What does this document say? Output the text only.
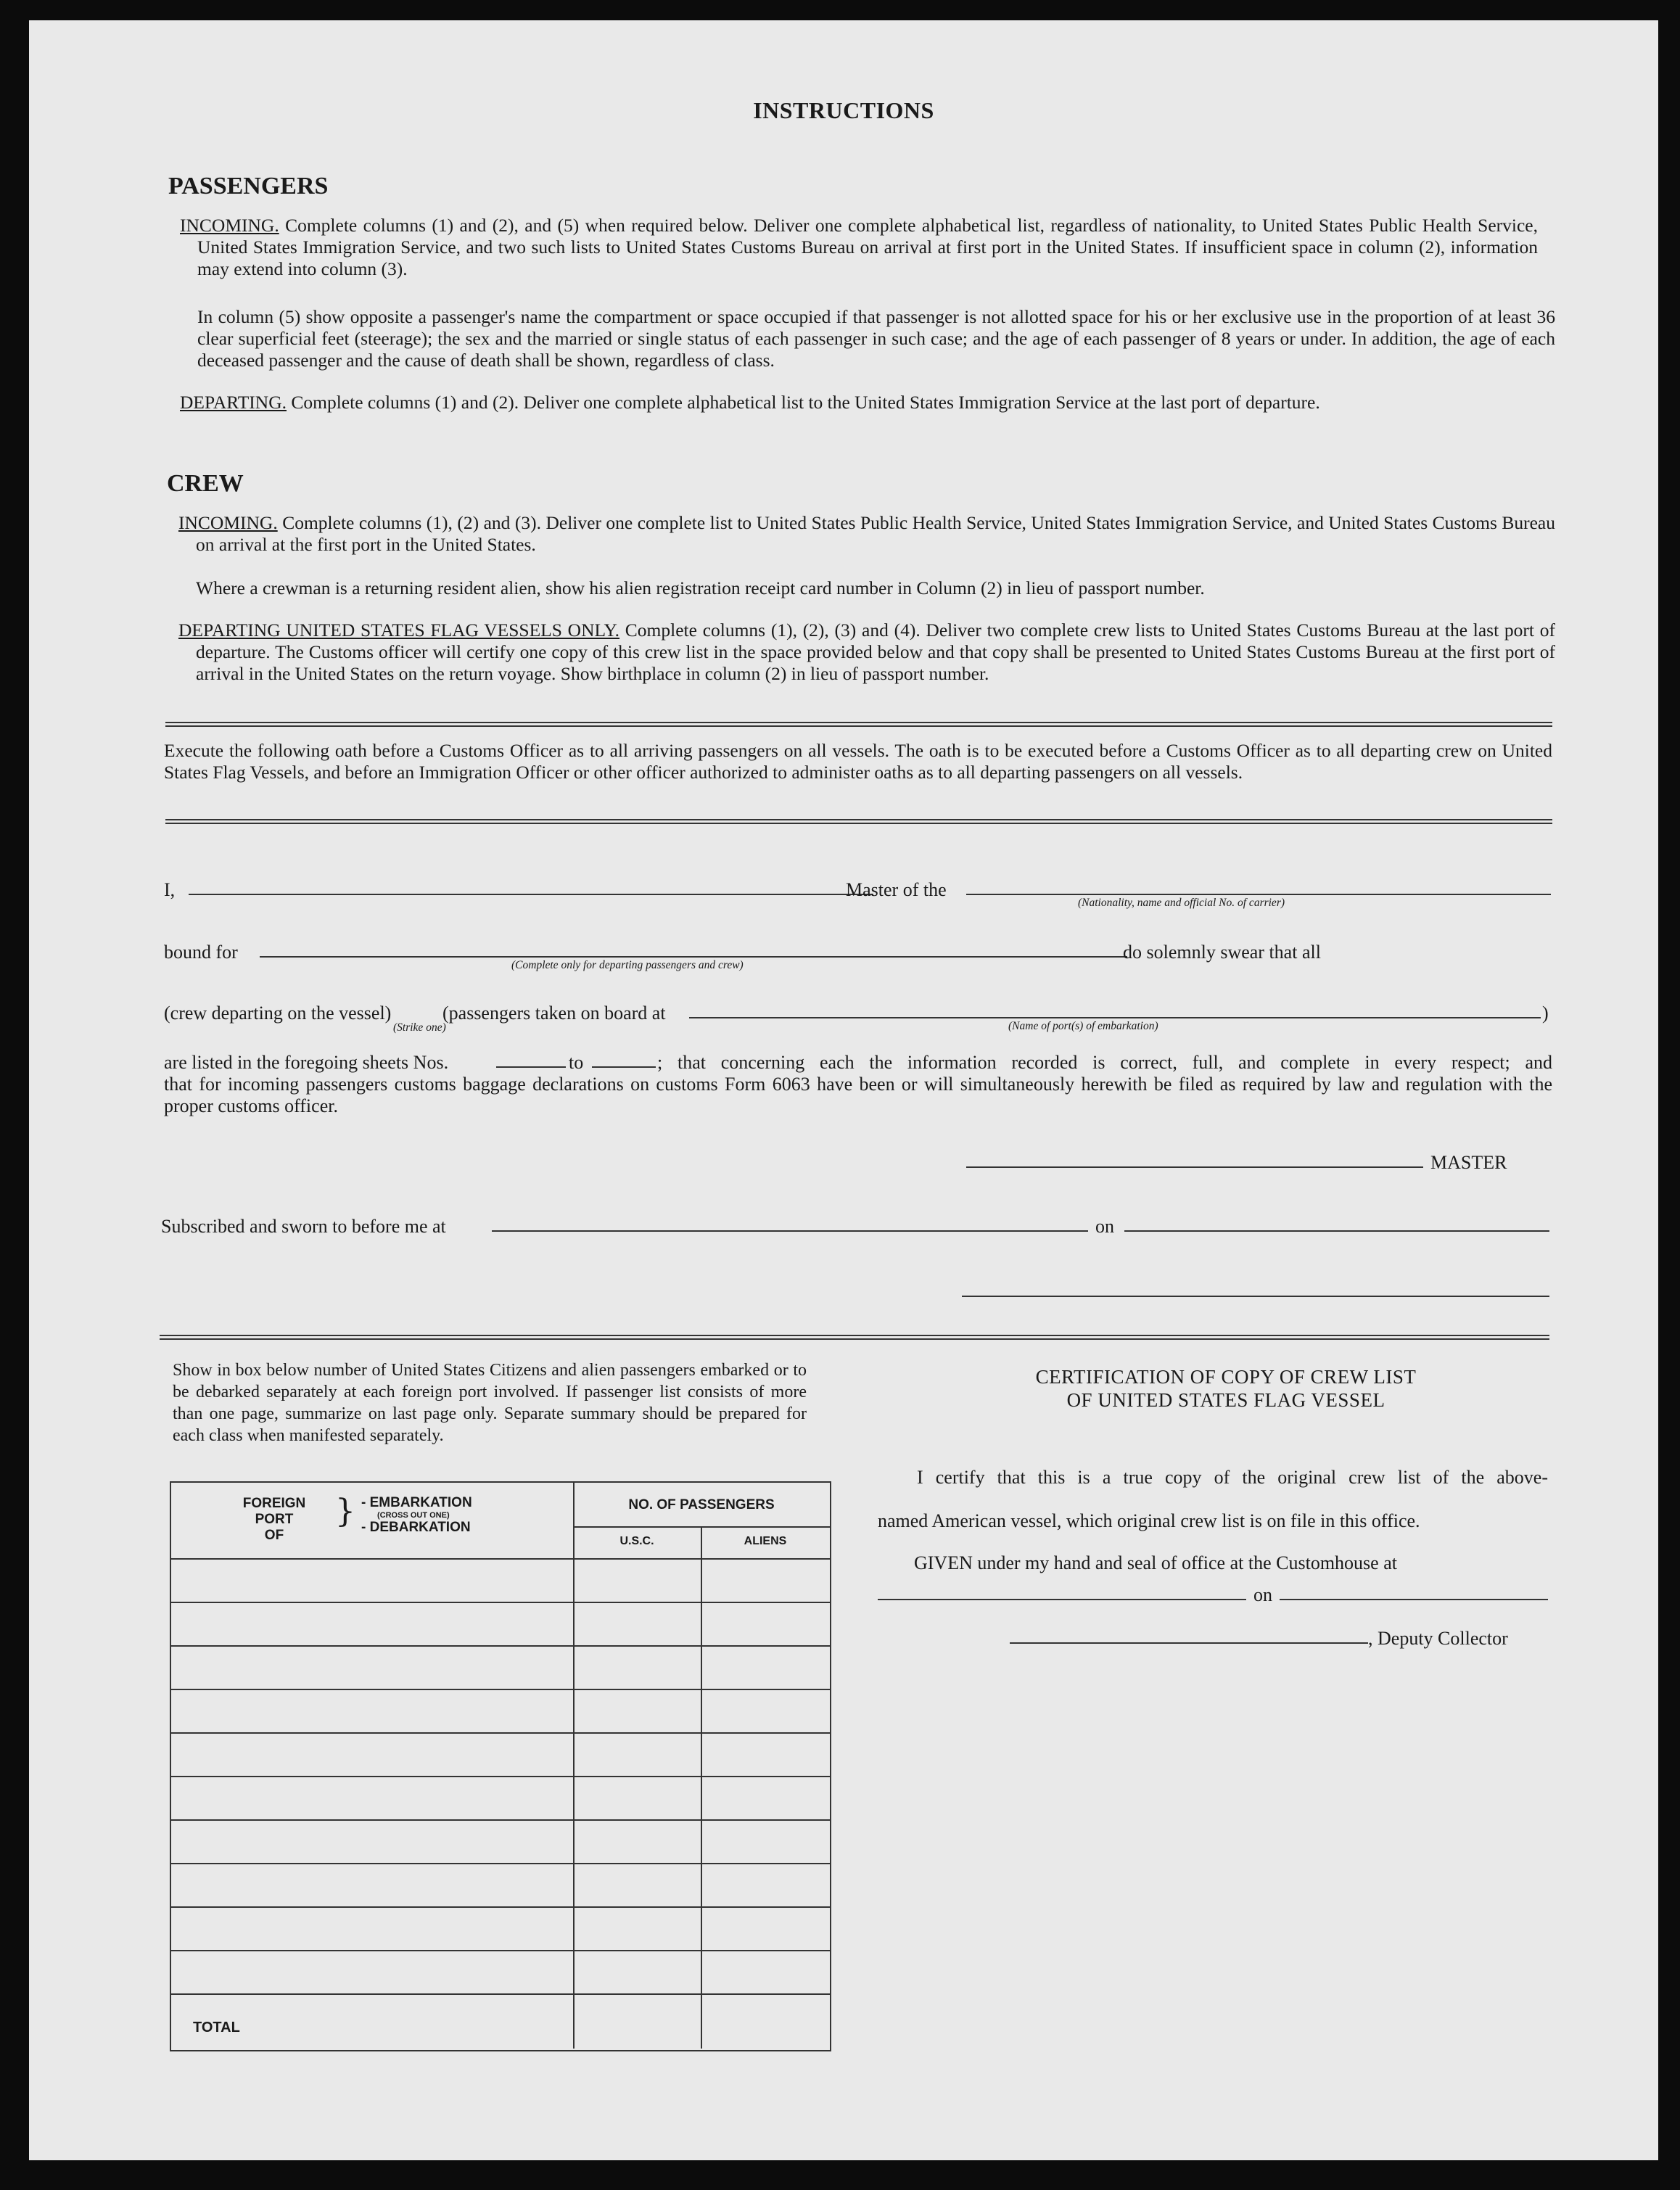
INSTRUCTIONS
PASSENGERS
INCOMING. Complete columns (1) and (2), and (5) when required below. Deliver one complete alphabetical list, regardless of nationality, to United States Public Health Service, United States Immigration Service, and two such lists to United States Customs Bureau on arrival at first port in the United States. If insufficient space in column (2), information may extend into column (3).
In column (5) show opposite a passenger's name the compartment or space occupied if that passenger is not allotted space for his or her exclusive use in the proportion of at least 36 clear superficial feet (steerage); the sex and the married or single status of each passenger in such case; and the age of each passenger of 8 years or under. In addition, the age of each deceased passenger and the cause of death shall be shown, regardless of class.
DEPARTING. Complete columns (1) and (2). Deliver one complete alphabetical list to the United States Immigration Service at the last port of departure.
CREW
INCOMING. Complete columns (1), (2) and (3). Deliver one complete list to United States Public Health Service, United States Immigration Service, and United States Customs Bureau on arrival at the first port in the United States.
Where a crewman is a returning resident alien, show his alien registration receipt card number in Column (2) in lieu of passport number.
DEPARTING UNITED STATES FLAG VESSELS ONLY. Complete columns (1), (2), (3) and (4). Deliver two complete crew lists to United States Customs Bureau at the last port of departure. The Customs officer will certify one copy of this crew list in the space provided below and that copy shall be presented to United States Customs Bureau at the first port of arrival in the United States on the return voyage. Show birthplace in column (2) in lieu of passport number.
Execute the following oath before a Customs Officer as to all arriving passengers on all vessels. The oath is to be executed before a Customs Officer as to all departing crew on United States Flag Vessels, and before an Immigration Officer or other officer authorized to administer oaths as to all departing passengers on all vessels.
I,	Master of the
(Nationality, name and official No. of carrier)
bound for
(Complete only for departing passengers and crew)
do solemnly swear that all
(crew departing on the vessel)
(Strike one)
(passengers taken on board at	)
(Name of port(s) of embarkation)
are listed in the foregoing sheets Nos.	to	; that concerning each the information recorded is correct, full, and complete in every respect; and
that for incoming passengers customs baggage declarations on customs Form 6063 have been or will simultaneously herewith be filed as required by law and regulation with the proper customs officer.
MASTER
Subscribed and sworn to before me at	on
Show in box below number of United States Citizens and alien passengers embarked or to be debarked separately at each foreign port involved. If passenger list consists of more than one page, summarize on last page only. Separate summary should be prepared for each class when manifested separately.
FOREIGN
PORT
OF
} - EMBARKATION
(CROSS OUT ONE)
- DEBARKATION
NO. OF PASSENGERS
U.S.C.	ALIENS
TOTAL
CERTIFICATION OF COPY OF CREW LIST
OF UNITED STATES FLAG VESSEL
I certify that this is a true copy of the original crew list of the above-
named American vessel, which original crew list is on file in this office.
GIVEN under my hand and seal of office at the Customhouse at
on
, Deputy Collector
